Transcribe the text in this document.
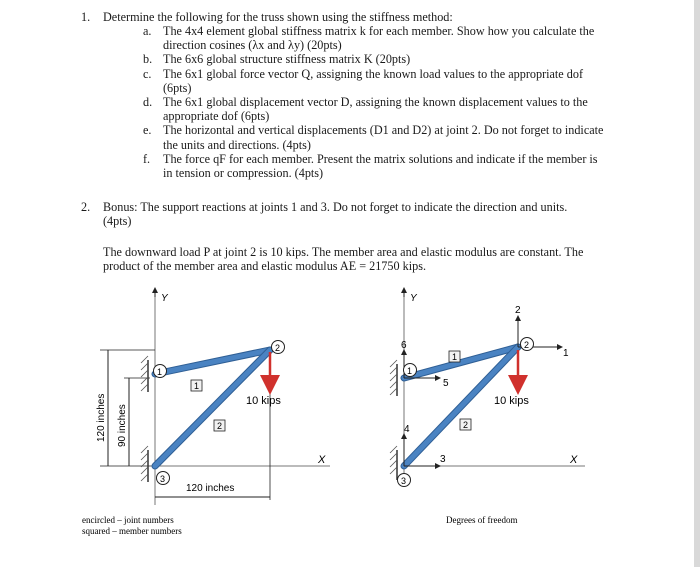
1. Determine the following for the truss shown using the stiffness method:
a. The 4x4 element global stiffness matrix k for each member. Show how you calculate the
direction cosines (λx and λy) (20pts)
b. The 6x6 global structure stiffness matrix K (20pts)
c. The 6x1 global force vector Q, assigning the known load values to the appropriate dof
(6pts)
d. The 6x1 global displacement vector D, assigning the known displacement values to the
appropriate dof (6pts)
e. The horizontal and vertical displacements (D1 and D2) at joint 2. Do not forget to indicate
the units and directions. (4pts)
f. The force qF for each member. Present the matrix solutions and indicate if the member is
in tension or compression. (4pts)
2. Bonus: The support reactions at joints 1 and 3. Do not forget to indicate the direction and units.
(4pts)
The downward load P at joint 2 is 10 kips. The member area and elastic modulus are constant. The
product of the member area and elastic modulus AE = 21750 kips.
Y
X
120 inches 90 inches
120 inches
10 kips
1
2
3
1
2
encircled – joint numbers
squared – member numbers
Y
X
1
2
5
6
3
4
10 kips
1
2
3
1
2
Degrees of freedom
